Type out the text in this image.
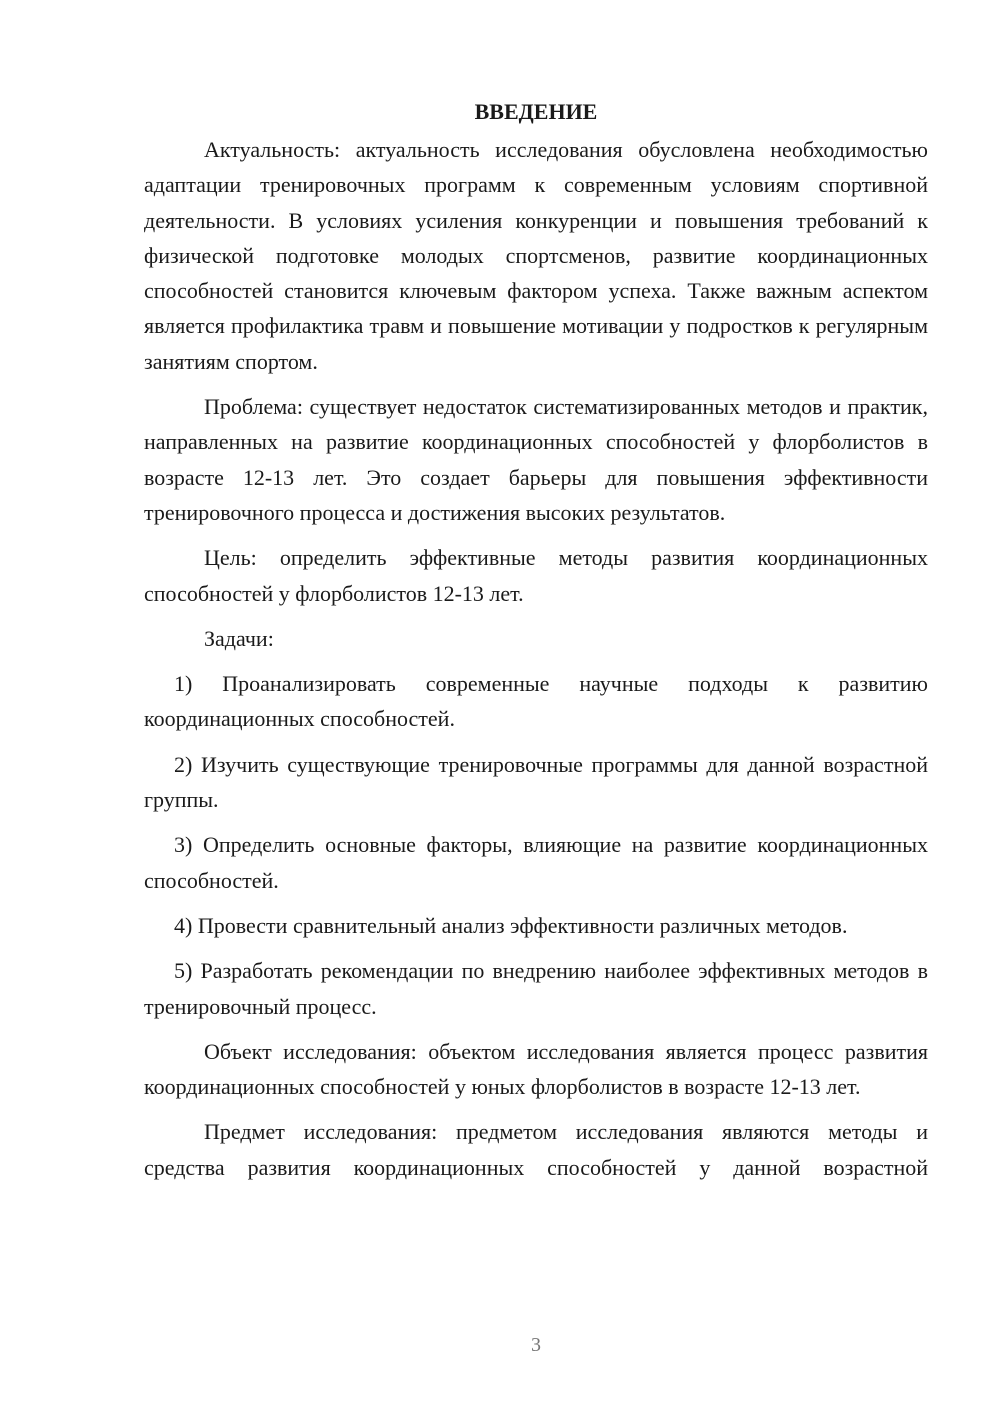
ВВЕДЕНИЕ

Актуальность: актуальность исследования обусловлена необходимостью адаптации тренировочных программ к современным условиям спортивной деятельности. В условиях усиления конкуренции и повышения требований к физической подготовке молодых спортсменов, развитие координационных способностей становится ключевым фактором успеха. Также важным аспектом является профилактика травм и повышение мотивации у подростков к регулярным занятиям спортом.

Проблема: существует недостаток систематизированных методов и практик, направленных на развитие координационных способностей у флорболистов в возрасте 12-13 лет. Это создает барьеры для повышения эффективности тренировочного процесса и достижения высоких результатов.

Цель: определить эффективные методы развития координационных способностей у флорболистов 12-13 лет.

Задачи:

1) Проанализировать современные научные подходы к развитию координационных способностей.

2) Изучить существующие тренировочные программы для данной возрастной группы.

3) Определить основные факторы, влияющие на развитие координационных способностей.

4) Провести сравнительный анализ эффективности различных методов.

5) Разработать рекомендации по внедрению наиболее эффективных методов в тренировочный процесс.

Объект исследования: объектом исследования является процесс развития координационных способностей у юных флорболистов в возрасте 12-13 лет.

Предмет исследования: предметом исследования являются методы и средства развития координационных способностей у данной возрастной

3
